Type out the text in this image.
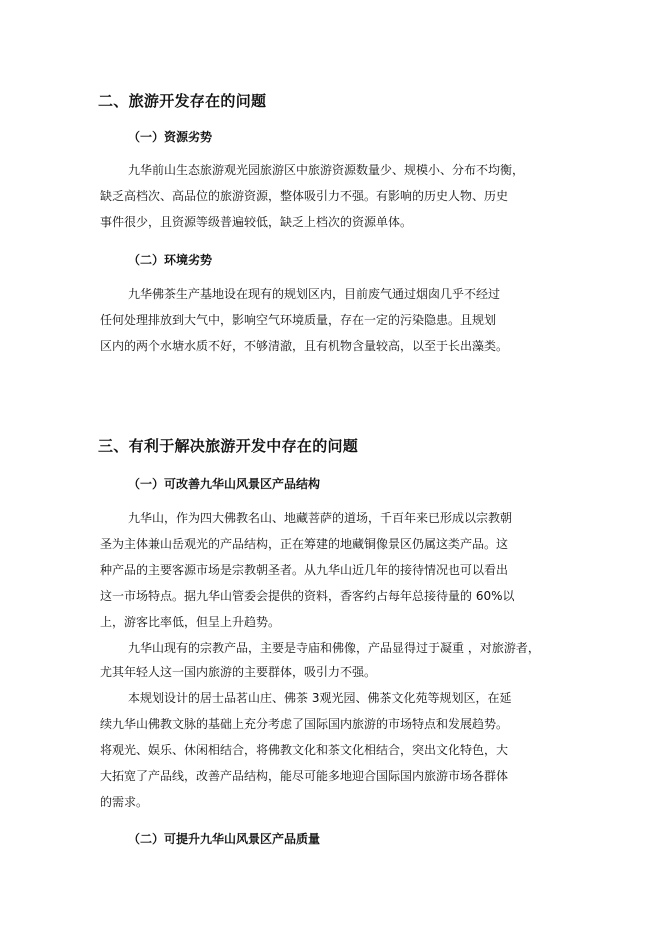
二、旅游开发存在的问题
（一）资源劣势
九华前山生态旅游观光园旅游区中旅游资源数量少、规模小、分布不均衡，
缺乏高档次、高品位的旅游资源，整体吸引力不强。有影响的历史人物、历史
事件很少，且资源等级普遍较低，缺乏上档次的资源单体。
（二）环境劣势
九华佛茶生产基地设在现有的规划区内，目前废气通过烟囱几乎不经过
任何处理排放到大气中，影响空气环境质量，存在一定的污染隐患。且规划
区内的两个水塘水质不好，不够清澈，且有机物含量较高，以至于长出藻类。
三、有利于解决旅游开发中存在的问题
（一）可改善九华山风景区产品结构
九华山，作为四大佛教名山、地藏菩萨的道场，千百年来已形成以宗教朝
圣为主体兼山岳观光的产品结构，正在筹建的地藏铜像景区仍属这类产品。这
种产品的主要客源市场是宗教朝圣者。从九华山近几年的接待情况也可以看出
这一市场特点。据九华山管委会提供的资料，香客约占每年总接待量的 60%以
上，游客比率低，但呈上升趋势。
九华山现有的宗教产品，主要是寺庙和佛像，产品显得过于凝重 ，对旅游者，
尤其年轻人这一国内旅游的主要群体，吸引力不强。
本规划设计的居士品茗山庄、佛茶 3观光园、佛茶文化苑等规划区，在延
续九华山佛教文脉的基础上充分考虑了国际国内旅游的市场特点和发展趋势。
将观光、娱乐、休闲相结合，将佛教文化和茶文化相结合，突出文化特色，大
大拓宽了产品线，改善产品结构，能尽可能多地迎合国际国内旅游市场各群体
的需求。
（二）可提升九华山风景区产品质量
